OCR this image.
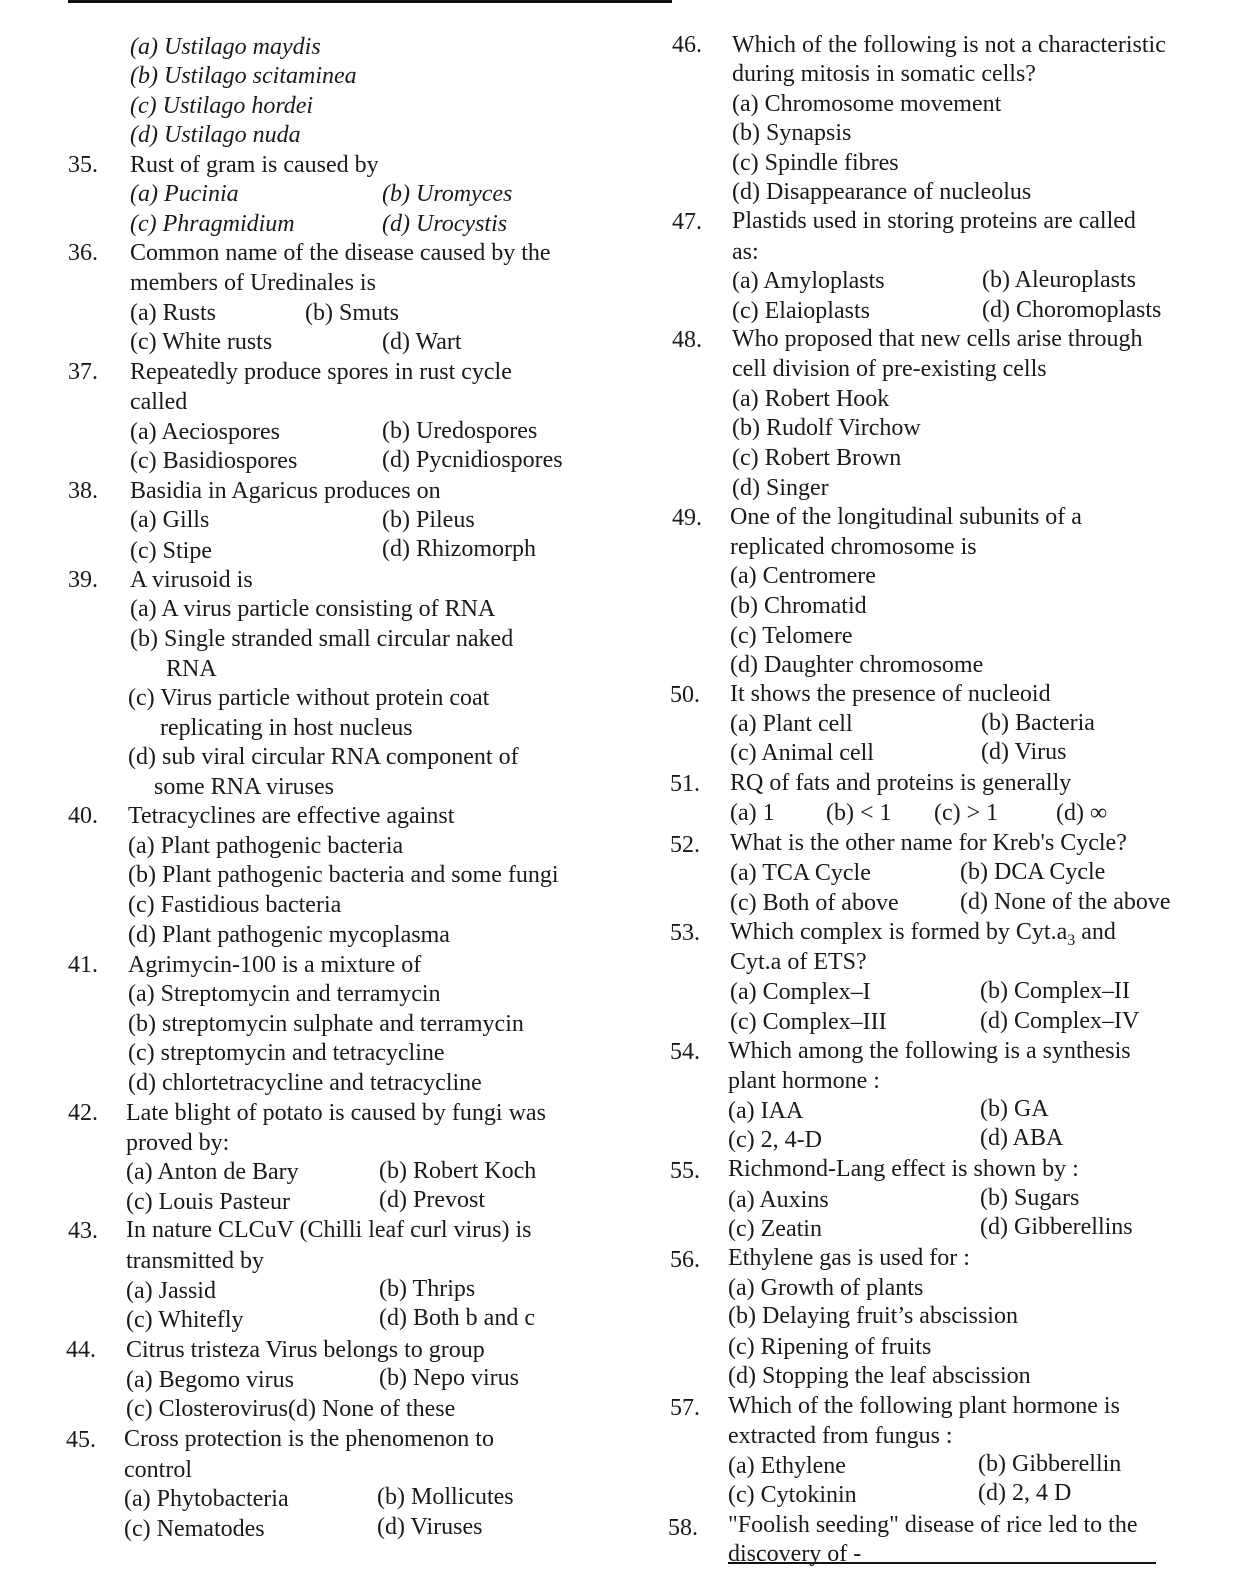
(a) Ustilago maydis
(b) Ustilago scitaminea
(c) Ustilago hordei
(d) Ustilago nuda
35. Rust of gram is caused by
(a) Pucinia	(b) Uromyces
(c) Phragmidium	(d) Urocystis
36. Common name of the disease caused by the
members of Uredinales is
(a) Rusts	(b) Smuts
(c) White rusts	(d) Wart
37. Repeatedly produce spores in rust cycle
called
(a) Aeciospores	(b) Uredospores
(c) Basidiospores	(d) Pycnidiospores
38. Basidia in Agaricus produces on
(a) Gills	(b) Pileus
(c) Stipe	(d) Rhizomorph
39. A virusoid is
(a) A virus particle consisting of RNA
(b) Single stranded small circular naked
RNA
(c) Virus particle without protein coat
replicating in host nucleus
(d) sub viral circular RNA component of
some RNA viruses
40. Tetracyclines are effective against
(a) Plant pathogenic bacteria
(b) Plant pathogenic bacteria and some fungi
(c) Fastidious bacteria
(d) Plant pathogenic mycoplasma
41. Agrimycin-100 is a mixture of
(a) Streptomycin and terramycin
(b) streptomycin sulphate and terramycin
(c) streptomycin and tetracycline
(d) chlortetracycline and tetracycline
42. Late blight of potato is caused by fungi was
proved by:
(a) Anton de Bary	(b) Robert Koch
(c) Louis Pasteur	(d) Prevost
43. In nature CLCuV (Chilli leaf curl virus) is
transmitted by
(a) Jassid	(b) Thrips
(c) Whitefly	(d) Both b and c
44. Citrus tristeza Virus belongs to group
(a) Begomo virus	(b) Nepo virus
(c) Closterovirus(d) None of these
45. Cross protection is the phenomenon to
control
(a) Phytobacteria	(b) Mollicutes
(c) Nematodes	(d) Viruses
46. Which of the following is not a characteristic
during mitosis in somatic cells?
(a) Chromosome movement
(b) Synapsis
(c) Spindle fibres
(d) Disappearance of nucleolus
47. Plastids used in storing proteins are called
as:
(a) Amyloplasts	(b) Aleuroplasts
(c) Elaioplasts	(d) Choromoplasts
48. Who proposed that new cells arise through
cell division of pre-existing cells
(a) Robert Hook
(b) Rudolf Virchow
(c) Robert Brown
(d) Singer
49. One of the longitudinal subunits of a
replicated chromosome is
(a) Centromere
(b) Chromatid
(c) Telomere
(d) Daughter chromosome
50. It shows the presence of nucleoid
(a) Plant cell	(b) Bacteria
(c) Animal cell	(d) Virus
51. RQ of fats and proteins is generally
(a) 1 (b) < 1 (c) > 1 (d) ∞
52. What is the other name for Kreb's Cycle?
(a) TCA Cycle	(b) DCA Cycle
(c) Both of above	(d) None of the above
53. Which complex is formed by $Cyt.a_3$ and
Cyt.a of ETS?
(a) Complex–I	(b) Complex–II
(c) Complex–III	(d) Complex–IV
54. Which among the following is a synthesis
plant hormone :
(a) IAA	(b) GA
(c) 2, 4-D	(d) ABA
55. Richmond-Lang effect is shown by :
(a) Auxins	(b) Sugars
(c) Zeatin	(d) Gibberellins
56. Ethylene gas is used for :
(a) Growth of plants
(b) Delaying fruit’s abscission
(c) Ripening of fruits
(d) Stopping the leaf abscission
57. Which of the following plant hormone is
extracted from fungus :
(a) Ethylene	(b) Gibberellin
(c) Cytokinin	(d) 2, 4 D
58. "Foolish seeding" disease of rice led to the
discovery of -
